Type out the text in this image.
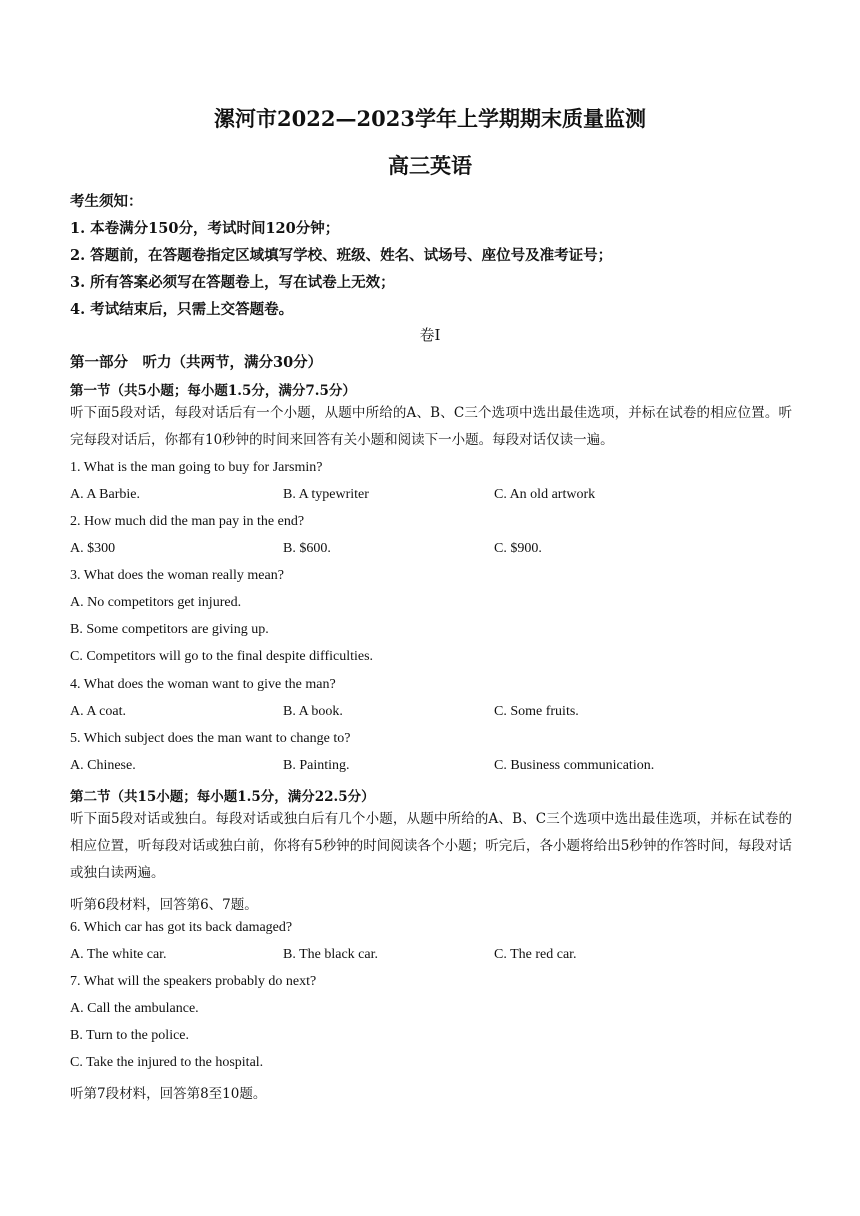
漯河市2022—2023学年上学期期末质量监测
高三英语
考生须知：
1. 本卷满分150分，考试时间120分钟；
2. 答题前，在答题卷指定区域填写学校、班级、姓名、试场号、座位号及准考证号；
3. 所有答案必须写在答题卷上，写在试卷上无效；
4. 考试结束后，只需上交答题卷。
卷Ⅰ
第一部分　听力（共两节，满分30分）
第一节（共5小题；每小题1.5分，满分7.5分）
听下面5段对话，每段对话后有一个小题，从题中所给的A、B、C三个选项中选出最佳选项，并标在试卷的相应位置。听完每段对话后，你都有10秒钟的时间来回答有关小题和阅读下一小题。每段对话仅读一遍。
1. What is the man going to buy for Jarsmin?
A. A Barbie.	B. A typewriter	C. An old artwork
2. How much did the man pay in the end?
A. $300	B. $600.	C. $900.
3. What does the woman really mean?
A. No competitors get injured.
B. Some competitors are giving up.
C. Competitors will go to the final despite difficulties.
4. What does the woman want to give the man?
A. A coat.	B. A book.	C. Some fruits.
5. Which subject does the man want to change to?
A. Chinese.	B. Painting.	C. Business communication.
第二节（共15小题；每小题1.5分，满分22.5分）
听下面5段对话或独白。每段对话或独白后有几个小题，从题中所给的A、B、C三个选项中选出最佳选项，并标在试卷的相应位置，听每段对话或独白前，你将有5秒钟的时间阅读各个小题；听完后，各小题将给出5秒钟的作答时间，每段对话或独白读两遍。
听第6段材料，回答第6、7题。
6. Which car has got its back damaged?
A. The white car.	B. The black car.	C. The red car.
7. What will the speakers probably do next?
A. Call the ambulance.
B. Turn to the police.
C. Take the injured to the hospital.
听第7段材料，回答第8至10题。
